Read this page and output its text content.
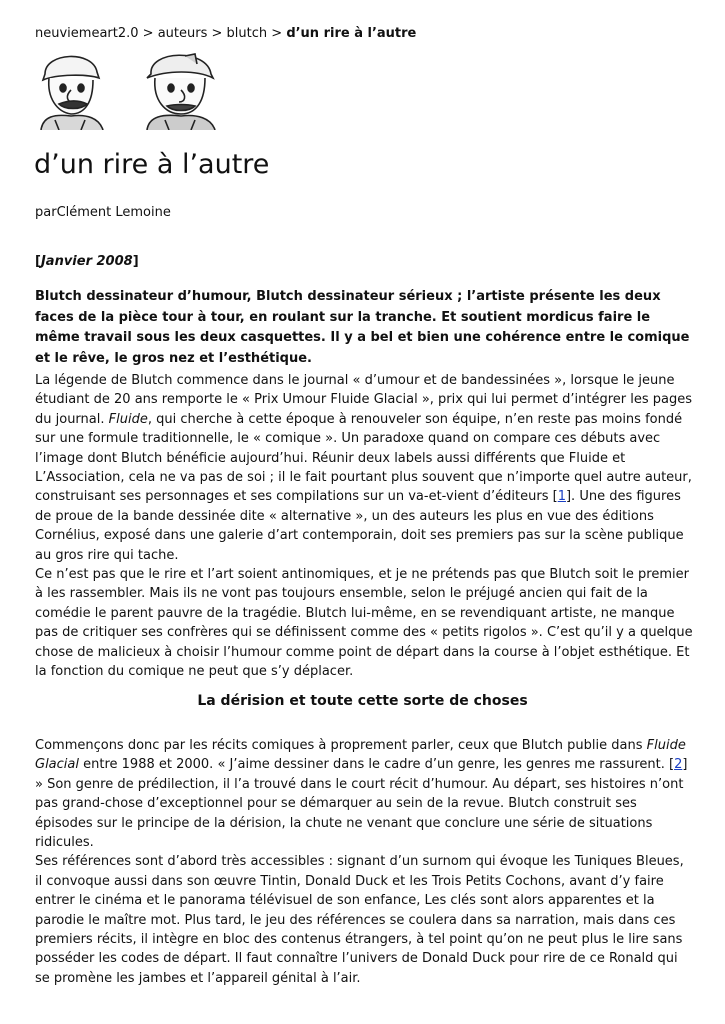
neuviemeart2.0 > auteurs > blutch > d’un rire à l’autre
d’un rire à l’autre
parClément Lemoine
[Janvier 2008]

Blutch dessinateur d’humour, Blutch dessinateur sérieux ; l’artiste présente les deux faces de la pièce tour à tour, en roulant sur la tranche. Et soutient mordicus faire le même travail sous les deux casquettes. Il y a bel et bien une cohérence entre le comique et le rêve, le gros nez et l’esthétique.

La légende de Blutch commence dans le journal « d’umour et de bandessinées », lorsque le jeune étudiant de 20 ans remporte le « Prix Umour Fluide Glacial », prix qui lui permet d’intégrer les pages du journal. Fluide, qui cherche à cette époque à renouveler son équipe, n’en reste pas moins fondé sur une formule traditionnelle, le « comique ». Un paradoxe quand on compare ces débuts avec l’image dont Blutch bénéficie aujourd’hui. Réunir deux labels aussi différents que Fluide et L’Association, cela ne va pas de soi ; il le fait pourtant plus souvent que n’importe quel autre auteur, construisant ses personnages et ses compilations sur un va-et-vient d’éditeurs [1]. Une des figures de proue de la bande dessinée dite « alternative », un des auteurs les plus en vue des éditions Cornélius, exposé dans une galerie d’art contemporain, doit ses premiers pas sur la scène publique au gros rire qui tache.
Ce n’est pas que le rire et l’art soient antinomiques, et je ne prétends pas que Blutch soit le premier à les rassembler. Mais ils ne vont pas toujours ensemble, selon le préjugé ancien qui fait de la comédie le parent pauvre de la tragédie. Blutch lui-même, en se revendiquant artiste, ne manque pas de critiquer ses confrères qui se définissent comme des « petits rigolos ». C’est qu’il y a quelque chose de malicieux à choisir l’humour comme point de départ dans la course à l’objet esthétique. Et la fonction du comique ne peut que s’y déplacer.

La dérision et toute cette sorte de choses

Commençons donc par les récits comiques à proprement parler, ceux que Blutch publie dans Fluide Glacial entre 1988 et 2000. « J’aime dessiner dans le cadre d’un genre, les genres me rassurent. [2] » Son genre de prédilection, il l’a trouvé dans le court récit d’humour. Au départ, ses histoires n’ont pas grand-chose d’exceptionnel pour se démarquer au sein de la revue. Blutch construit ses épisodes sur le principe de la dérision, la chute ne venant que conclure une série de situations ridicules.
Ses références sont d’abord très accessibles : signant d’un surnom qui évoque les Tuniques Bleues, il convoque aussi dans son œuvre Tintin, Donald Duck et les Trois Petits Cochons, avant d’y faire entrer le cinéma et le panorama télévisuel de son enfance, Les clés sont alors apparentes et la parodie le maître mot. Plus tard, le jeu des références se coulera dans sa narration, mais dans ces premiers récits, il intègre en bloc des contenus étrangers, à tel point qu’on ne peut plus le lire sans posséder les codes de départ. Il faut connaître l’univers de Donald Duck pour rire de ce Ronald qui se promène les jambes et l’appareil génital à l’air.
